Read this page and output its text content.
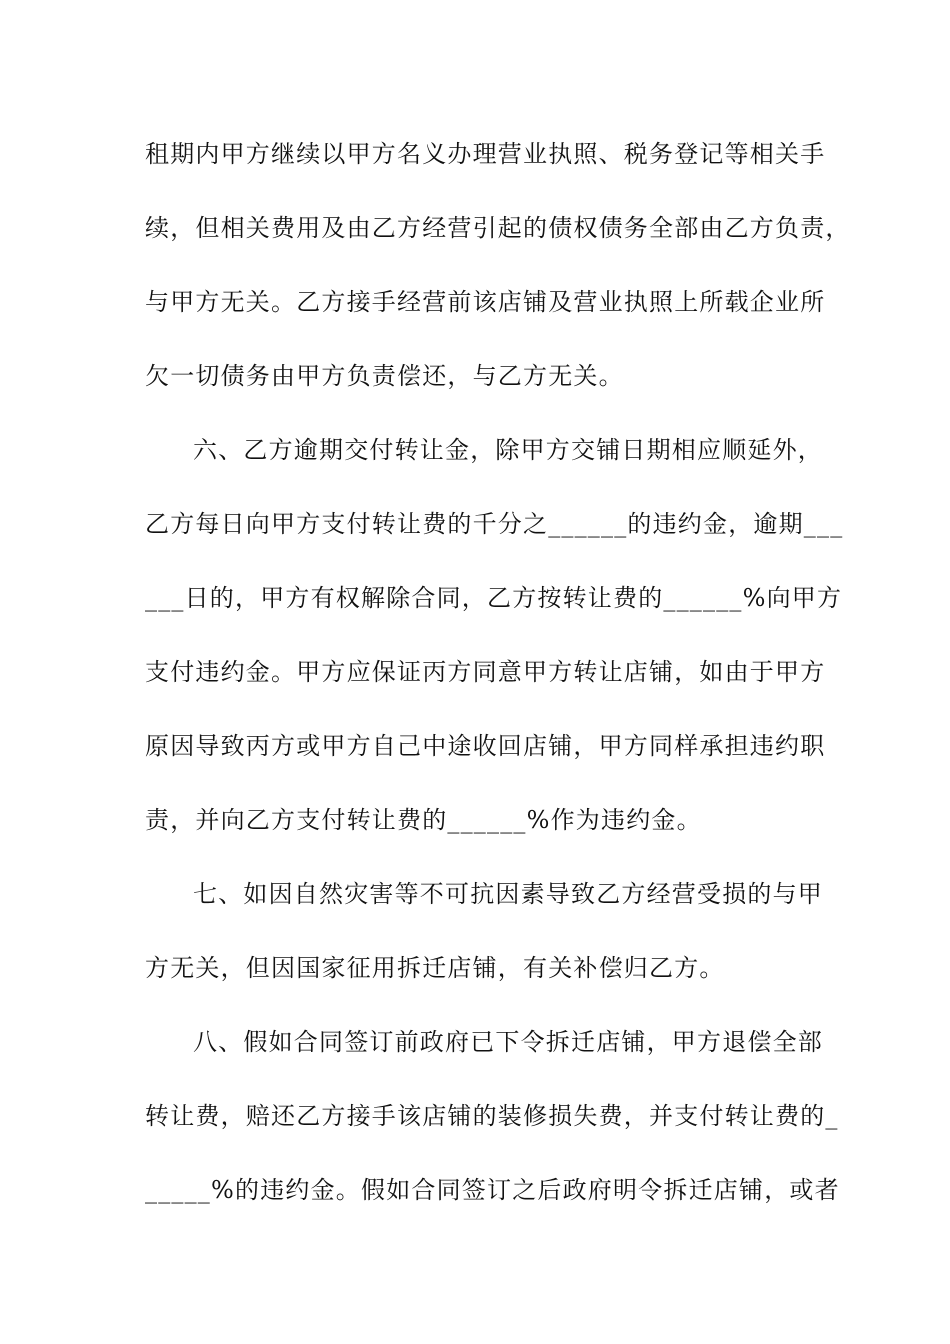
租期内甲方继续以甲方名义办理营业执照、税务登记等相关手
续，但相关费用及由乙方经营引起的债权债务全部由乙方负责，
与甲方无关。乙方接手经营前该店铺及营业执照上所载企业所
欠一切债务由甲方负责偿还，与乙方无关。
六、乙方逾期交付转让金，除甲方交铺日期相应顺延外，
乙方每日向甲方支付转让费的千分之______的违约金，逾期___
___日的，甲方有权解除合同，乙方按转让费的______%向甲方
支付违约金。甲方应保证丙方同意甲方转让店铺，如由于甲方
原因导致丙方或甲方自己中途收回店铺，甲方同样承担违约职
责，并向乙方支付转让费的______%作为违约金。
七、如因自然灾害等不可抗因素导致乙方经营受损的与甲
方无关，但因国家征用拆迁店铺，有关补偿归乙方。
八、假如合同签订前政府已下令拆迁店铺，甲方退偿全部
转让费，赔还乙方接手该店铺的装修损失费，并支付转让费的_
_____%的违约金。假如合同签订之后政府明令拆迁店铺，或者
